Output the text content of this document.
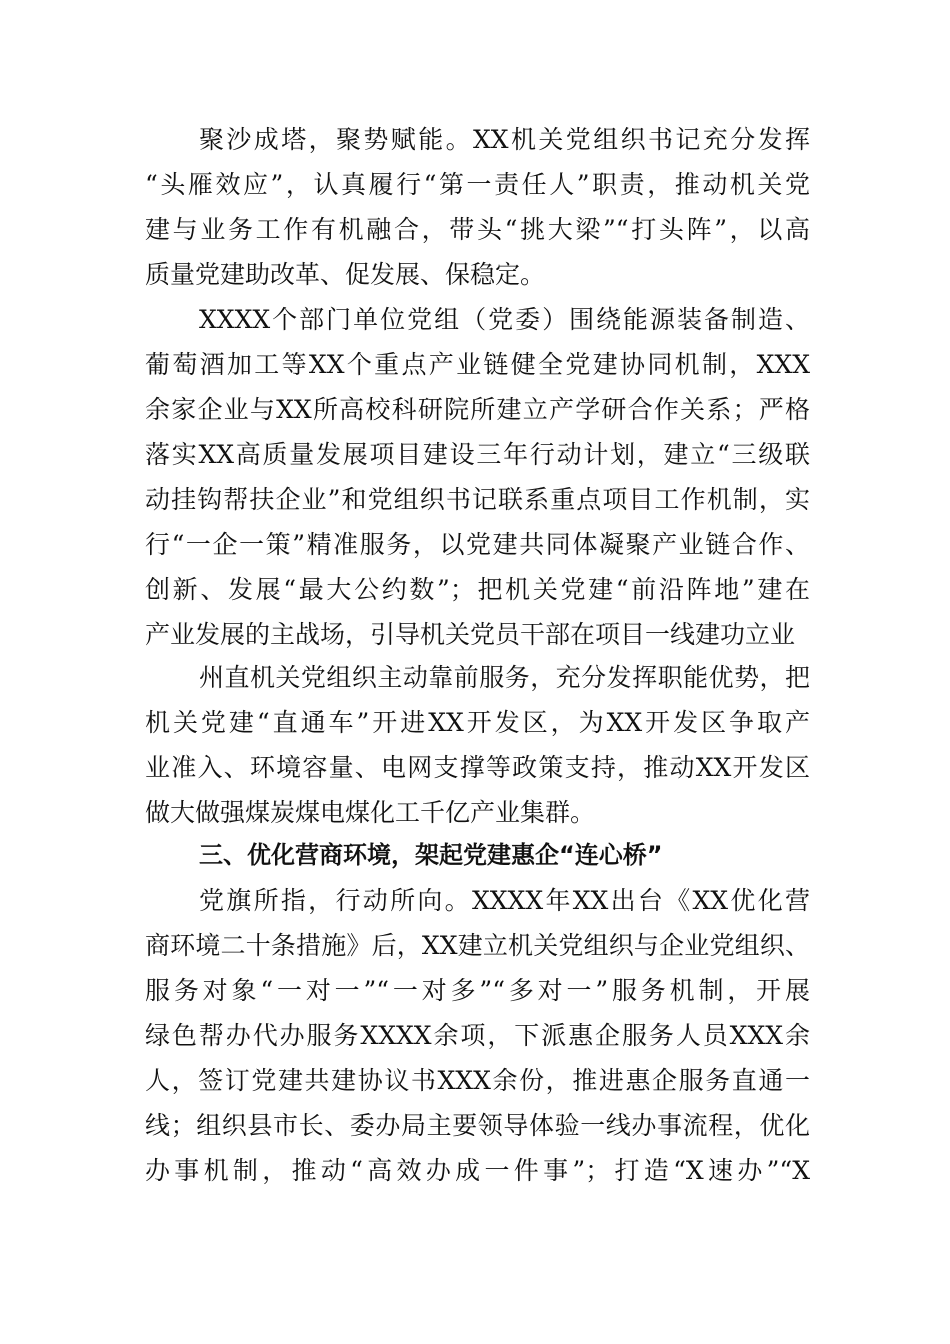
聚沙成塔，聚势赋能。XX机关党组织书记充分发挥
“头雁效应”，认真履行“第一责任人”职责，推动机关党
建与业务工作有机融合，带头“挑大梁”“打头阵”，以高
质量党建助改革、促发展、保稳定。
XXXX个部门单位党组（党委）围绕能源装备制造、
葡萄酒加工等XX个重点产业链健全党建协同机制，XXX
余家企业与XX所高校科研院所建立产学研合作关系；严格
落实XX高质量发展项目建设三年行动计划，建立“三级联
动挂钩帮扶企业”和党组织书记联系重点项目工作机制，实
行“一企一策”精准服务，以党建共同体凝聚产业链合作、
创新、发展“最大公约数”；把机关党建“前沿阵地”建在
产业发展的主战场，引导机关党员干部在项目一线建功立业
州直机关党组织主动靠前服务，充分发挥职能优势，把
机关党建“直通车”开进XX开发区，为XX开发区争取产
业准入、环境容量、电网支撑等政策支持，推动XX开发区
做大做强煤炭煤电煤化工千亿产业集群。
三、优化营商环境，架起党建惠企“连心桥”
党旗所指，行动所向。XXXX年XX出台《XX优化营
商环境二十条措施》后，XX建立机关党组织与企业党组织、
服务对象“一对一”“一对多”“多对一”服务机制，开展
绿色帮办代办服务XXXX余项，下派惠企服务人员XXX余
人，签订党建共建协议书XXX余份，推进惠企服务直通一
线；组织县市长、委办局主要领导体验一线办事流程，优化
办事机制，推动“高效办成一件事”；打造“X速办”“X
